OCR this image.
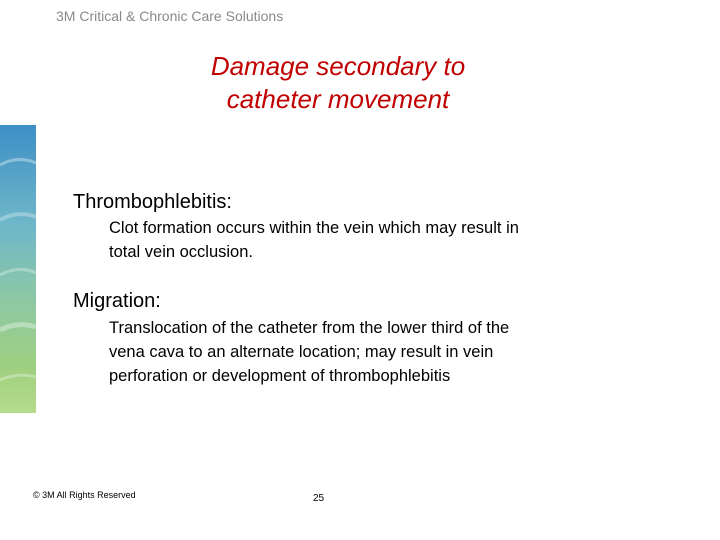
3M Critical & Chronic Care Solutions
Damage secondary to
catheter movement
Thrombophlebitis:
Clot formation occurs within the vein which may result in
total vein occlusion.
Migration:
Translocation of the catheter from the lower third of the
vena cava to an alternate location; may result in vein
perforation or development of thrombophlebitis
© 3M All Rights Reserved	25
